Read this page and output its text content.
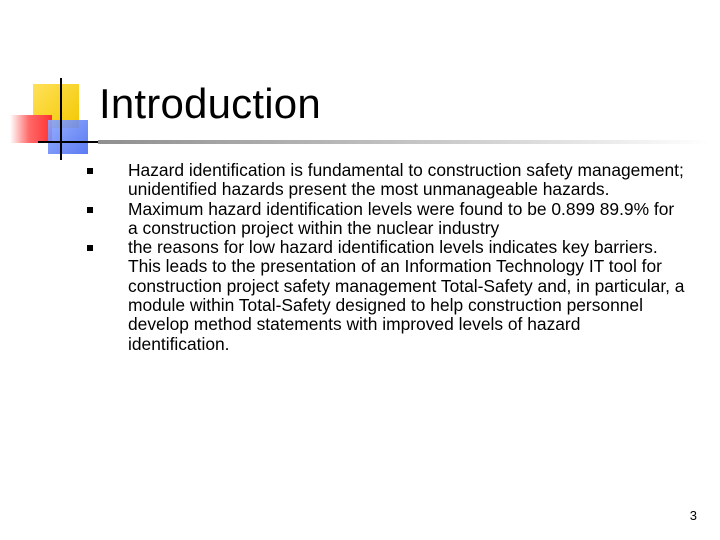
Introduction
Hazard identification is fundamental to construction safety management; unidentified hazards present the most unmanageable hazards.
Maximum hazard identification levels were found to be 0.899 89.9% for a construction project within the nuclear industry
the reasons for low hazard identification levels indicates key barriers. This leads to the presentation of an Information Technology IT tool for construction project safety management Total-Safety and, in particular, a module within Total-Safety designed to help construction personnel develop method statements with improved levels of hazard identification.
3
